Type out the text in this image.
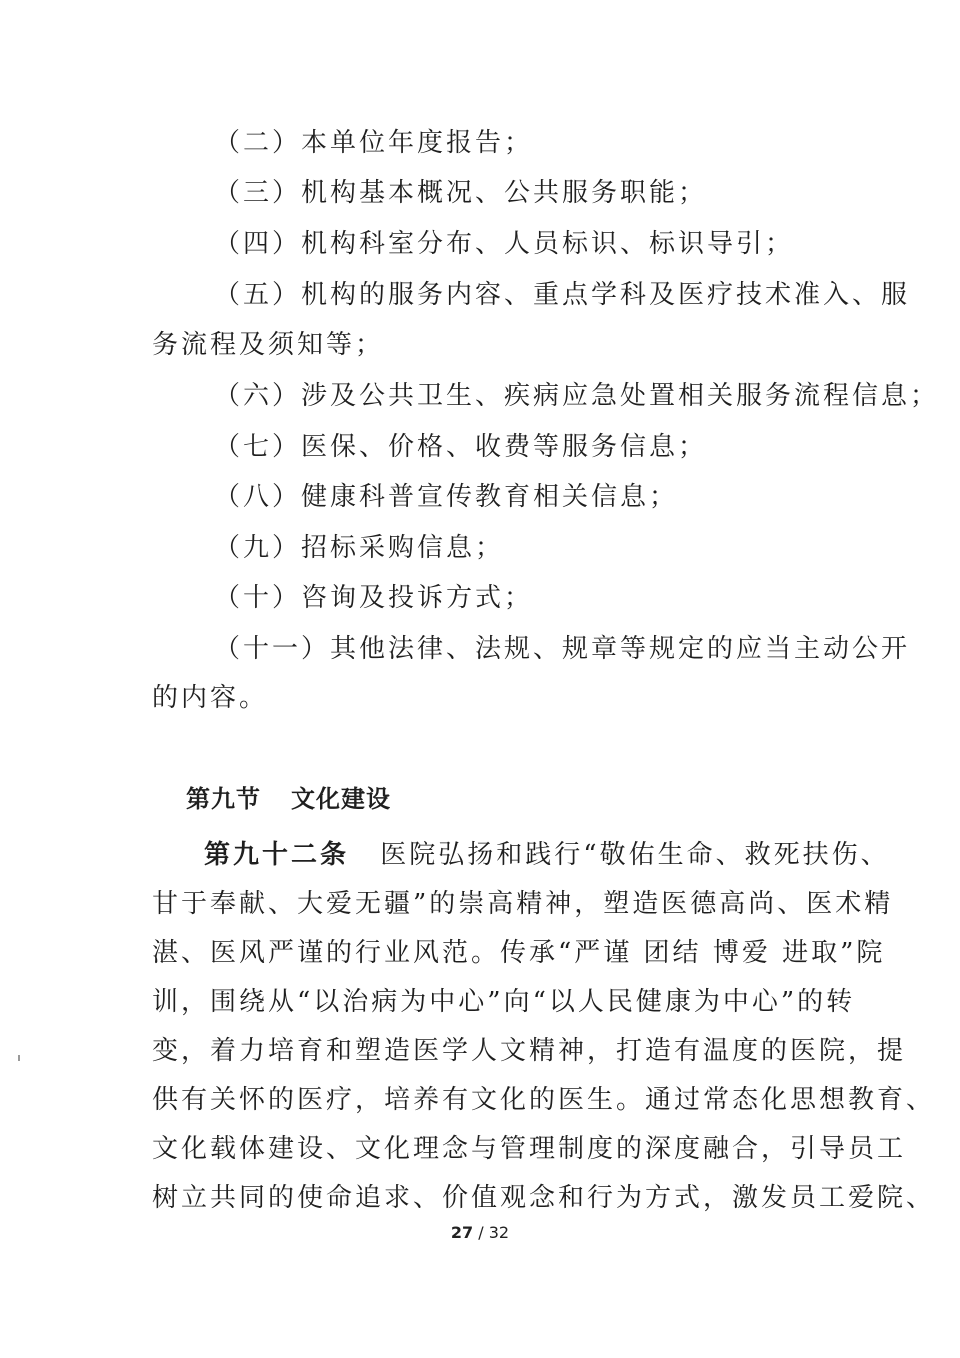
（二）本单位年度报告；
（三）机构基本概况、公共服务职能；
（四）机构科室分布、人员标识、标识导引；
（五）机构的服务内容、重点学科及医疗技术准入、服
务流程及须知等；
（六）涉及公共卫生、疾病应急处置相关服务流程信息；
（七）医保、价格、收费等服务信息；
（八）健康科普宣传教育相关信息；
（九）招标采购信息；
（十）咨询及投诉方式；
（十一）其他法律、法规、规章等规定的应当主动公开
的内容。
第九节 文化建设
第九十二条 医院弘扬和践行“敬佑生命、救死扶伤、
甘于奉献、大爱无疆”的崇高精神，塑造医德高尚、医术精
湛、医风严谨的行业风范。传承“严谨 团结 博爱 进取”院
训，围绕从“以治病为中心”向“以人民健康为中心”的转
变，着力培育和塑造医学人文精神，打造有温度的医院，提
供有关怀的医疗，培养有文化的医生。通过常态化思想教育、
文化载体建设、文化理念与管理制度的深度融合，引导员工
树立共同的使命追求、价值观念和行为方式，激发员工爱院、
27 / 32
